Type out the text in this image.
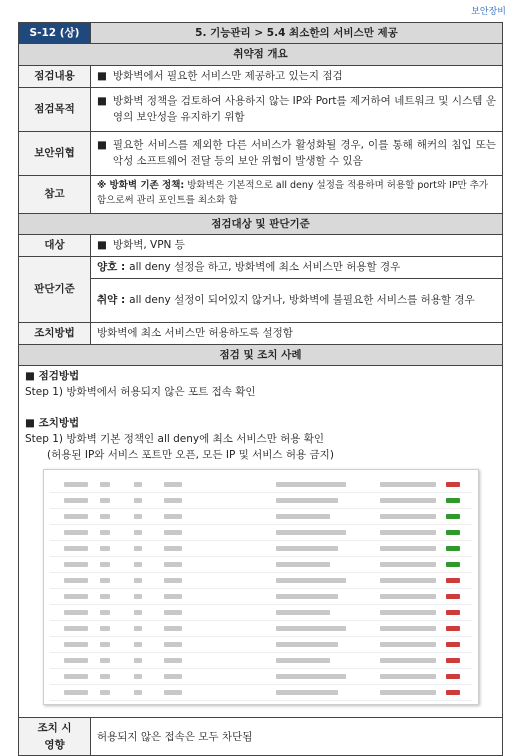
보안장비
S-12 (상)	5. 기능관리 > 5.4 최소한의 서비스만 제공
취약점 개요	
점검내용	■ 방화벽에서 필요한 서비스만 제공하고 있는지 점검

점검목적	■ 방화벽 정책을 검토하여 사용하지 않는 IP와 Port를 제거하여 네트워크 및 시스템 운영의 보안성을 유지하기 위함

보안위협	■ 필요한 서비스를 제외한 다른 서비스가 활성화될 경우, 이를 통해 해커의 침입 또는 악성 소프트웨어 전달 등의 보안 위협이 발생할 수 있음

참고	※ 방화벽 기존 정책: 방화벽은 기본적으로 all deny 설정을 적용하며 허용할 port와 IP만 추가함으로써 관리 포인트를 최소화 함
점검대상 및 판단기준	
대상	■ 방화벽, VPN 등

판단기준	양호 : all deny 설정을 하고, 방화벽에 최소 서비스만 허용할 경우

	취약 : all deny 설정이 되어있지 않거나, 방화벽에 불필요한 서비스를 허용할 경우

조치방법	방화벽에 최소 서비스만 허용하도록 설정함
점검 및 조치 사례	

■ 점검방법
Step 1) 방화벽에서 허용되지 않은 포트 접속 확인
■ 조치방법
Step 1) 방화벽 기본 정책인 all deny에 최소 서비스만 허용 확인
(허용된 IP와 서비스 포트만 오픈, 모든 IP 및 서비스 허용 금지)	

조치 시
영향	허용되지 않은 접속은 모두 차단됨
